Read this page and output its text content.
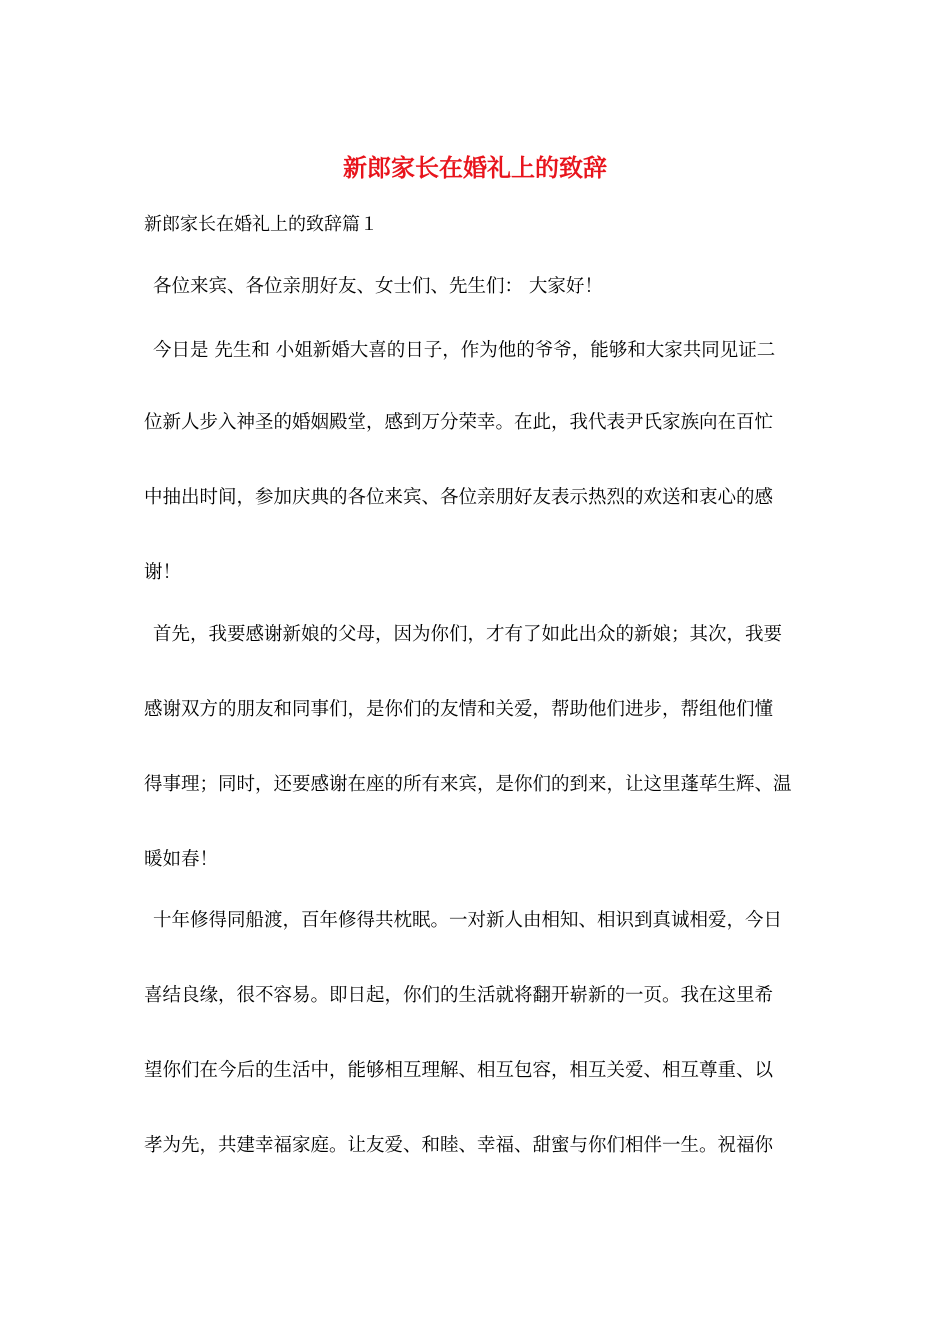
新郎家长在婚礼上的致辞

新郎家长在婚礼上的致辞篇１

各位来宾、各位亲朋好友、女士们、先生们： 大家好！

今日是 先生和 小姐新婚大喜的日子，作为他的爷爷，能够和大家共同见证二

位新人步入神圣的婚姻殿堂，感到万分荣幸。在此，我代表尹氏家族向在百忙

中抽出时间，参加庆典的各位来宾、各位亲朋好友表示热烈的欢送和衷心的感

谢！

首先，我要感谢新娘的父母，因为你们，才有了如此出众的新娘；其次，我要

感谢双方的朋友和同事们，是你们的友情和关爱，帮助他们进步，帮组他们懂

得事理；同时，还要感谢在座的所有来宾，是你们的到来，让这里蓬荜生辉、温

暖如春！

十年修得同船渡，百年修得共枕眠。一对新人由相知、相识到真诚相爱，今日

喜结良缘，很不容易。即日起，你们的生活就将翻开崭新的一页。我在这里希

望你们在今后的生活中，能够相互理解、相互包容，相互关爱、相互尊重、以

孝为先，共建幸福家庭。让友爱、和睦、幸福、甜蜜与你们相伴一生。祝福你
